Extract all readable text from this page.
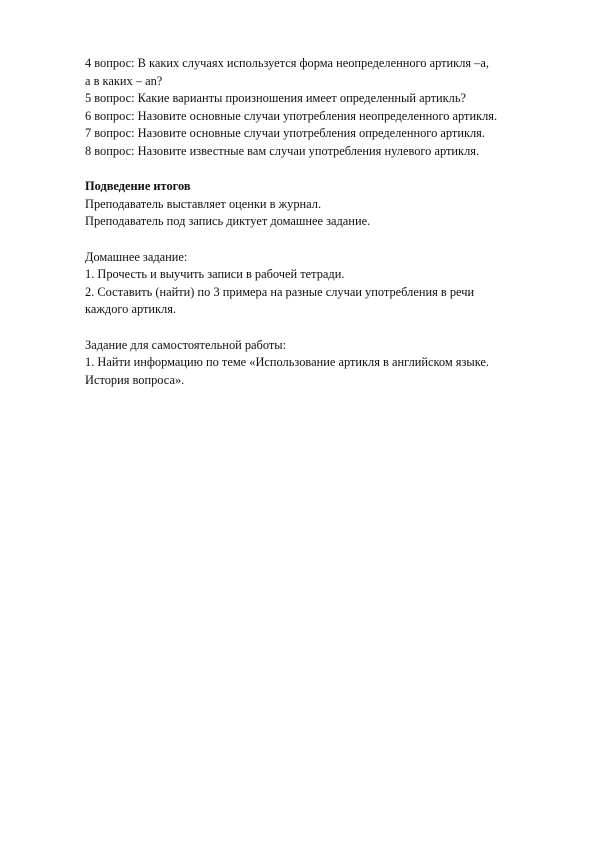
4 вопрос: В каких случаях используется форма неопределенного артикля –a,
a в каких – an?
5 вопрос: Какие варианты произношения имеет определенный артикль?
6 вопрос: Назовите основные случаи употребления неопределенного артикля.
7 вопрос: Назовите основные случаи употребления определенного артикля.
8 вопрос: Назовите известные вам случаи употребления нулевого артикля.
Подведение итогов
Преподаватель выставляет оценки в журнал.
Преподаватель под запись диктует домашнее задание.
Домашнее задание:
1. Прочесть и выучить записи в рабочей тетради.
2. Составить (найти) по 3 примера на разные случаи употребления в речи
каждого артикля.
Задание для самостоятельной работы:
1. Найти информацию по теме «Использование артикля в английском языке.
История вопроса».
